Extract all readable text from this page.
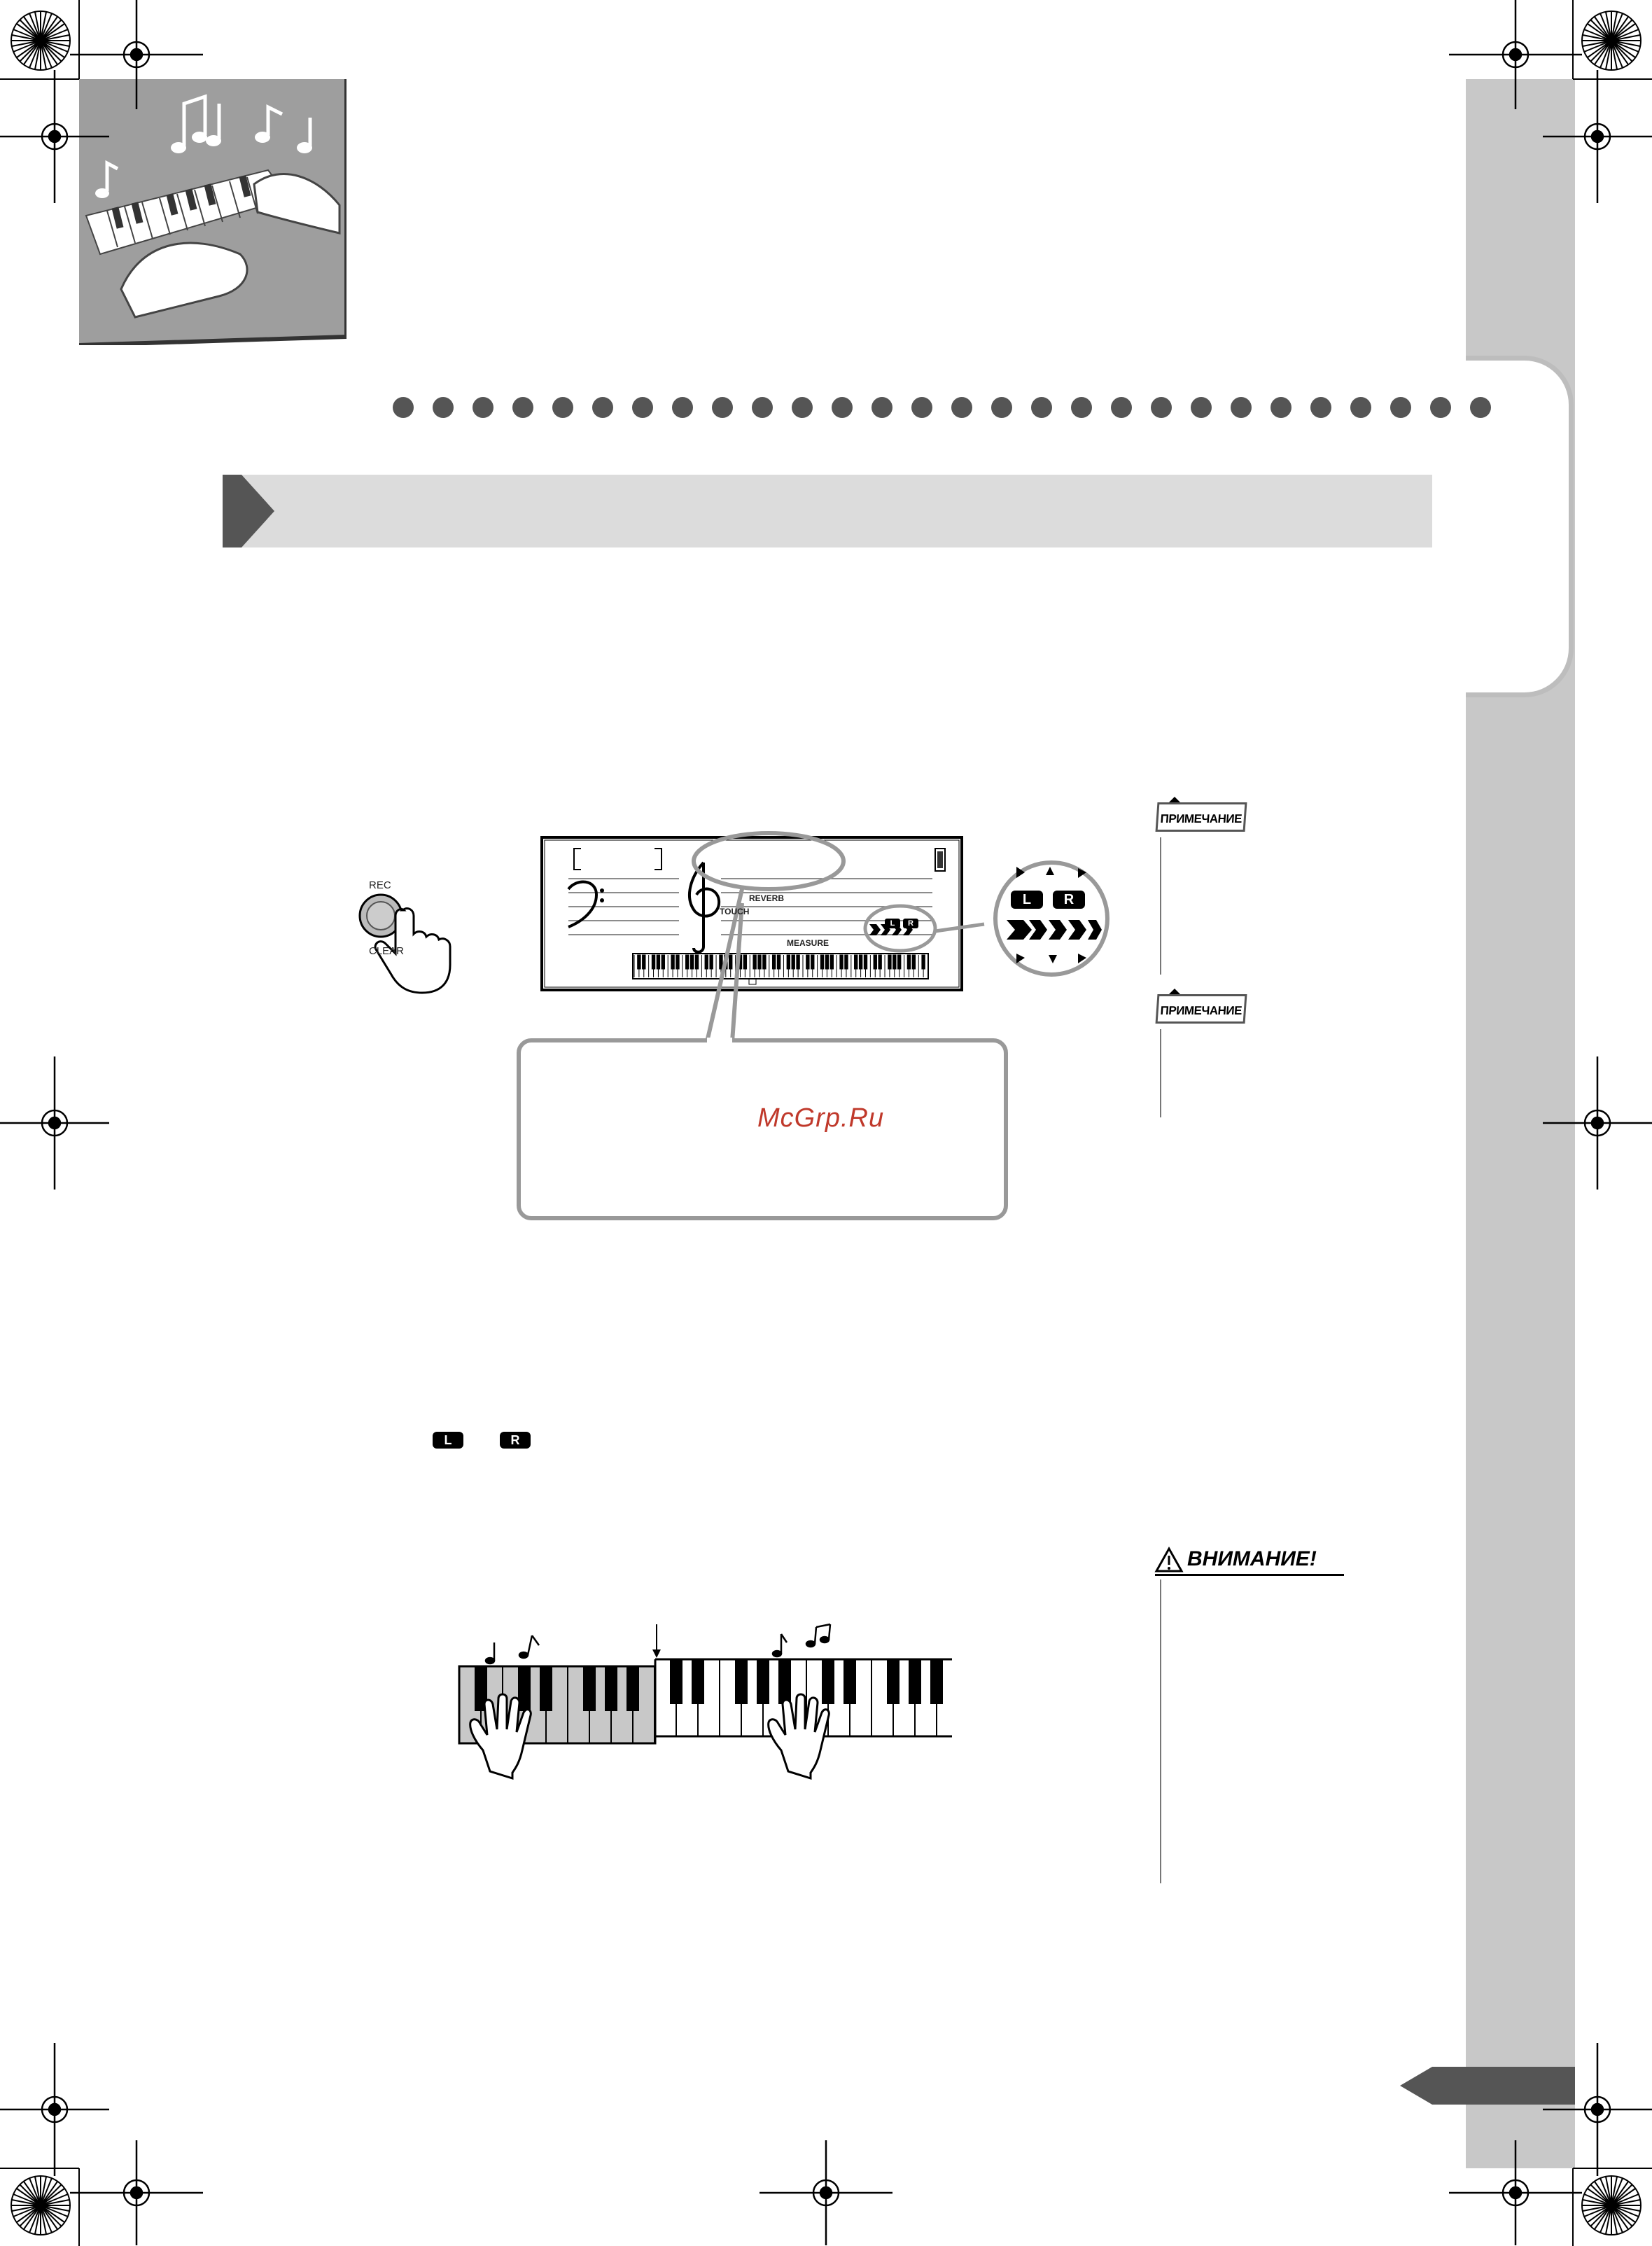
REC
CLEAR
REVERB
TOUCH
MEASURE
L	R
L	R
L	R
ПРИМЕЧАНИЕ
ПРИМЕЧАНИЕ
ВНИМАНИЕ!
McGrp.Ru
